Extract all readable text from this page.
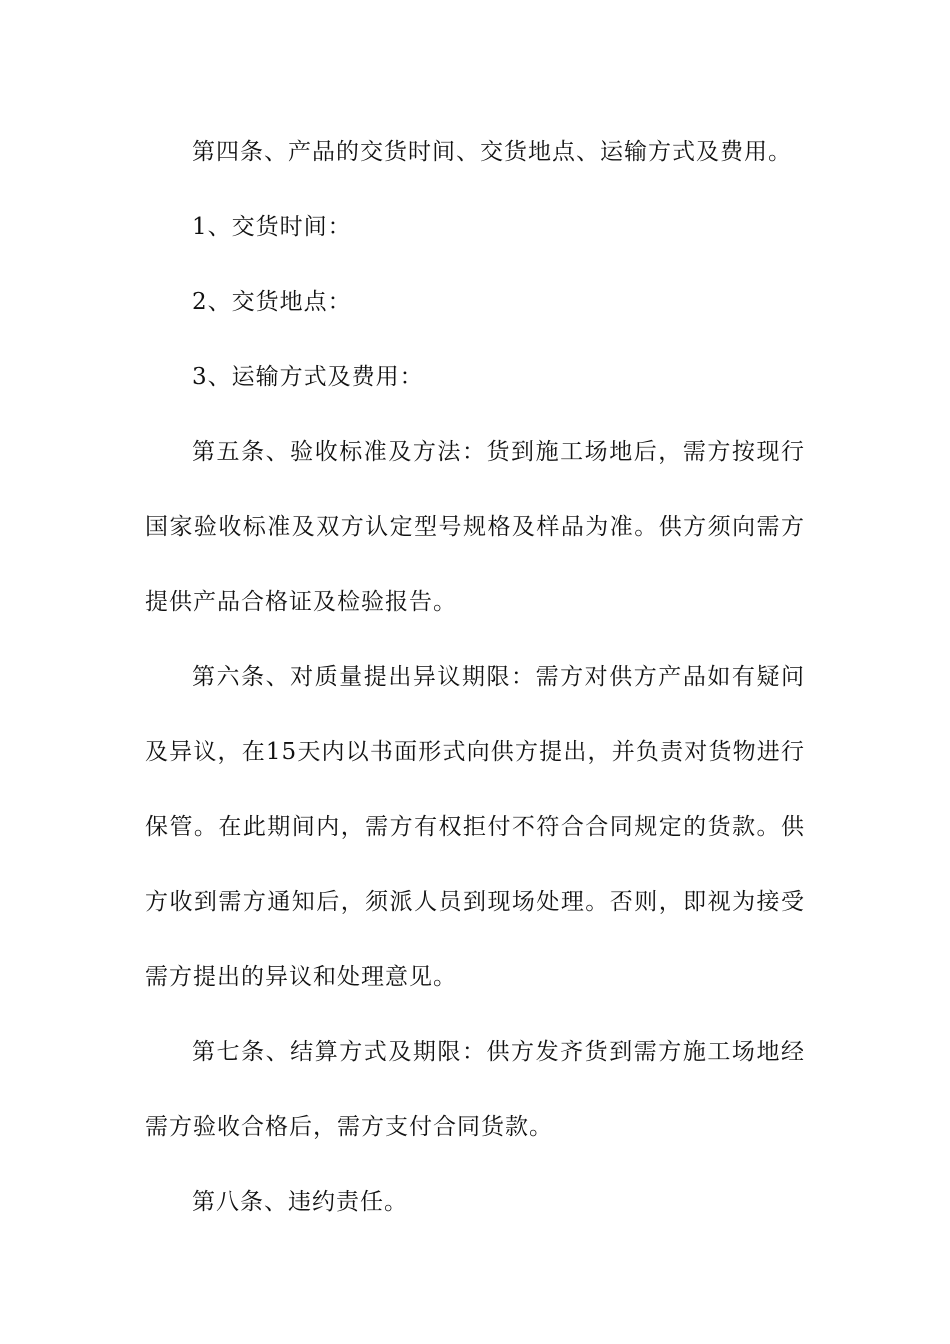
第四条、产品的交货时间、交货地点、运输方式及费用。
1、交货时间：
2、交货地点：
3、运输方式及费用：
第五条、验收标准及方法：货到施工场地后，需方按现行
国家验收标准及双方认定型号规格及样品为准。供方须向需方
提供产品合格证及检验报告。
第六条、对质量提出异议期限：需方对供方产品如有疑问
及异议，在15天内以书面形式向供方提出，并负责对货物进行
保管。在此期间内，需方有权拒付不符合合同规定的货款。供
方收到需方通知后，须派人员到现场处理。否则，即视为接受
需方提出的异议和处理意见。
第七条、结算方式及期限：供方发齐货到需方施工场地经
需方验收合格后，需方支付合同货款。
第八条、违约责任。
